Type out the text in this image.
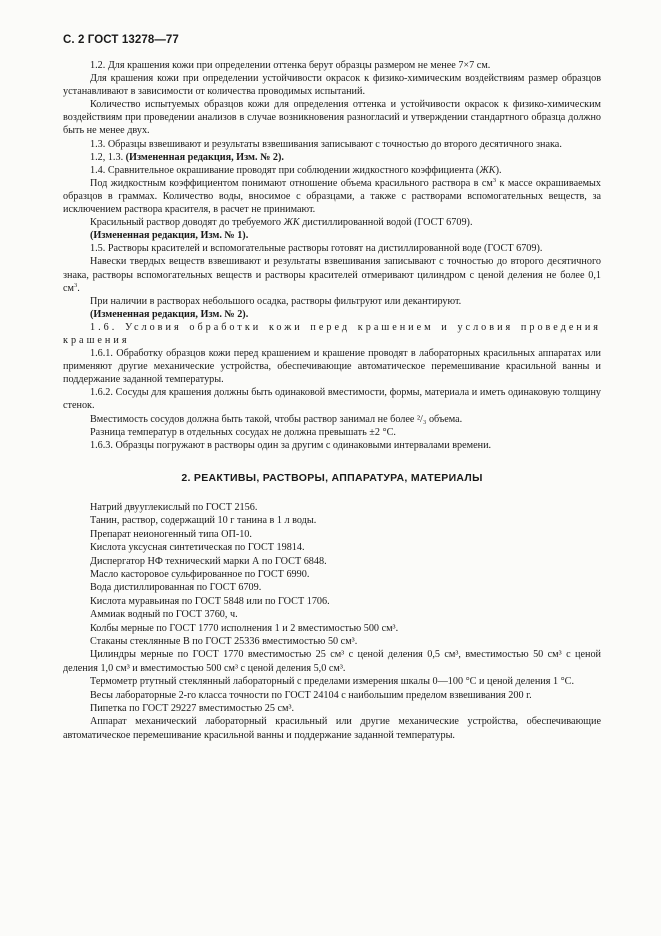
С. 2 ГОСТ 13278—77

1.2. Для крашения кожи при определении оттенка берут образцы размером не менее 7×7 см.

Для крашения кожи при определении устойчивости окрасок к физико-химическим воздействиям размер образцов устанавливают в зависимости от количества проводимых испытаний.

Количество испытуемых образцов кожи для определения оттенка и устойчивости окрасок к физико-химическим воздействиям при проведении анализов в случае возникновения разногласий и утверждении стандартного образца должно быть не менее двух.

1.3. Образцы взвешивают и результаты взвешивания записывают с точностью до второго десятичного знака.

1.2, 1.3. (Измененная редакция, Изм. № 2).

1.4. Сравнительное окрашивание проводят при соблюдении жидкостного коэффициента (ЖК).

Под жидкостным коэффициентом понимают отношение объема красильного раствора в $см^3$ к массе окрашиваемых образцов в граммах. Количество воды, вносимое с образцами, а также с растворами вспомогательных веществ, за исключением раствора красителя, в расчет не принимают.

Красильный раствор доводят до требуемого ЖК дистиллированной водой (ГОСТ 6709).

(Измененная редакция, Изм. № 1).

1.5. Растворы красителей и вспомогательные растворы готовят на дистиллированной воде (ГОСТ 6709).

Навески твердых веществ взвешивают и результаты взвешивания записывают с точностью до второго десятичного знака, растворы вспомогательных веществ и растворы красителей отмеривают цилиндром с ценой деления не более 0,1 $см^3$.

При наличии в растворах небольшого осадка, растворы фильтруют или декантируют.

(Измененная редакция, Изм. № 2).

1.6. Условия обработки кожи перед крашением и условия проведения крашения

1.6.1. Обработку образцов кожи перед крашением и крашение проводят в лабораторных красильных аппаратах или применяют другие механические устройства, обеспечивающие автоматическое перемешивание красильной ванны и поддержание заданной температуры.

1.6.2. Сосуды для крашения должны быть одинаковой вместимости, формы, материала и иметь одинаковую толщину стенок.

Вместимость сосудов должна быть такой, чтобы раствор занимал не более ²/₃ объема.

Разница температур в отдельных сосудах не должна превышать ±2 °С.

1.6.3. Образцы погружают в растворы один за другим с одинаковыми интервалами времени.

2. РЕАКТИВЫ, РАСТВОРЫ, АППАРАТУРА, МАТЕРИАЛЫ

Натрий двууглекислый по ГОСТ 2156.

Танин, раствор, содержащий 10 г танина в 1 л воды.

Препарат неионогенный типа ОП-10.

Кислота уксусная синтетическая по ГОСТ 19814.

Диспергатор НФ технический марки А по ГОСТ 6848.

Масло касторовое сульфированное по ГОСТ 6990.

Вода дистиллированная по ГОСТ 6709.

Кислота муравьиная по ГОСТ 5848 или по ГОСТ 1706.

Аммиак водный по ГОСТ 3760, ч.

Колбы мерные по ГОСТ 1770 исполнения 1 и 2 вместимостью 500 см³.

Стаканы стеклянные В по ГОСТ 25336 вместимостью 50 см³.

Цилиндры мерные по ГОСТ 1770 вместимостью 25 см³ с ценой деления 0,5 см³, вместимостью 50 см³ с ценой деления 1,0 см³ и вместимостью 500 см³ с ценой деления 5,0 см³.

Термометр ртутный стеклянный лабораторный с пределами измерения шкалы 0—100 °С и ценой деления 1 °С.

Весы лабораторные 2-го класса точности по ГОСТ 24104 с наибольшим пределом взвешивания 200 г.

Пипетка по ГОСТ 29227 вместимостью 25 см³.

Аппарат механический лабораторный красильный или другие механические устройства, обеспечивающие автоматическое перемешивание красильной ванны и поддержание заданной температуры.
